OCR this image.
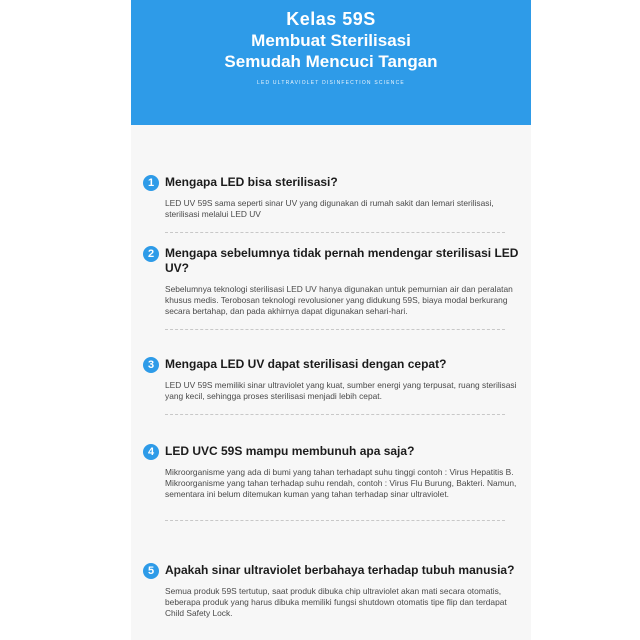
Kelas 59S
Membuat Sterilisasi
Semudah Mencuci Tangan
LED ULTRAVIOLET DISINFECTION SCIENCE
1 Mengapa LED bisa sterilisasi?
LED UV 59S sama seperti sinar UV yang digunakan di rumah sakit dan lemari sterilisasi, sterilisasi melalui LED UV
2 Mengapa sebelumnya tidak pernah mendengar sterilisasi LED UV?
Sebelumnya teknologi sterilisasi LED UV hanya digunakan untuk pemurnian air dan peralatan khusus medis. Terobosan teknologi revolusioner yang didukung 59S, biaya modal berkurang secara bertahap, dan pada akhirnya dapat digunakan sehari-hari.
3 Mengapa LED UV dapat sterilisasi dengan cepat?
LED UV 59S memiliki sinar ultraviolet yang kuat, sumber energi yang terpusat, ruang sterilisasi yang kecil, sehingga proses sterilisasi menjadi lebih cepat.
4 LED UVC 59S mampu membunuh apa saja?
Mikroorganisme yang ada di bumi yang tahan terhadapt suhu tinggi contoh : Virus Hepatitis B. Mikroorganisme yang tahan terhadap suhu rendah, contoh : Virus Flu Burung, Bakteri. Namun, sementara ini belum ditemukan kuman yang tahan terhadap sinar ultraviolet.
5 Apakah sinar ultraviolet berbahaya terhadap tubuh manusia?
Semua produk 59S tertutup, saat produk dibuka chip ultraviolet akan mati secara otomatis, beberapa produk yang harus dibuka memiliki fungsi shutdown otomatis tipe flip dan terdapat Child Safety Lock.
